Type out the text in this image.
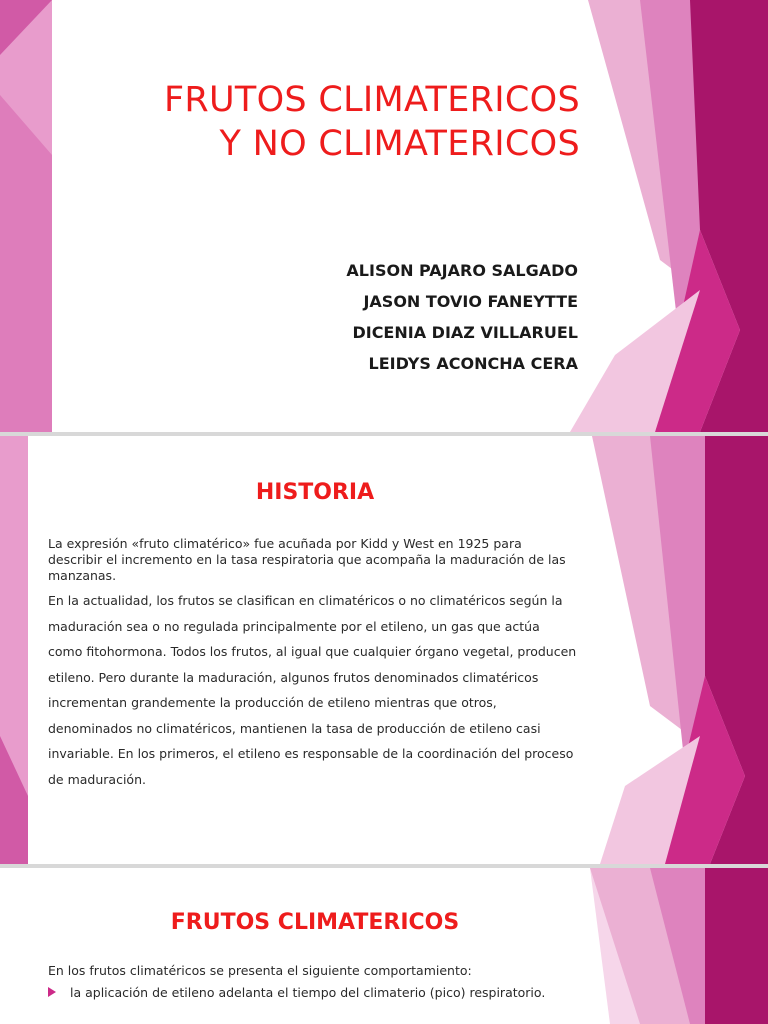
FRUTOS CLIMATERICOS
Y NO CLIMATERICOS
ALISON PAJARO SALGADO
JASON TOVIO FANEYTTE
DICENIA DIAZ VILLARUEL
LEIDYS ACONCHA CERA
HISTORIA
La expresión «fruto climatérico» fue acuñada por Kidd y West en 1925 para describir el incremento en la tasa respiratoria que acompaña la maduración de las manzanas.
En la actualidad, los frutos se clasifican en climatéricos o no climatéricos según la maduración sea o no regulada principalmente por el etileno, un gas que actúa como fitohormona. Todos los frutos, al igual que cualquier órgano vegetal, producen etileno. Pero durante la maduración, algunos frutos denominados climatéricos incrementan grandemente la producción de etileno mientras que otros, denominados no climatéricos, mantienen la tasa de producción de etileno casi invariable. En los primeros, el etileno es responsable de la coordinación del proceso de maduración.
FRUTOS CLIMATERICOS
En los frutos climatéricos se presenta el siguiente comportamiento:
la aplicación de etileno adelanta el tiempo del climaterio (pico) respiratorio.
